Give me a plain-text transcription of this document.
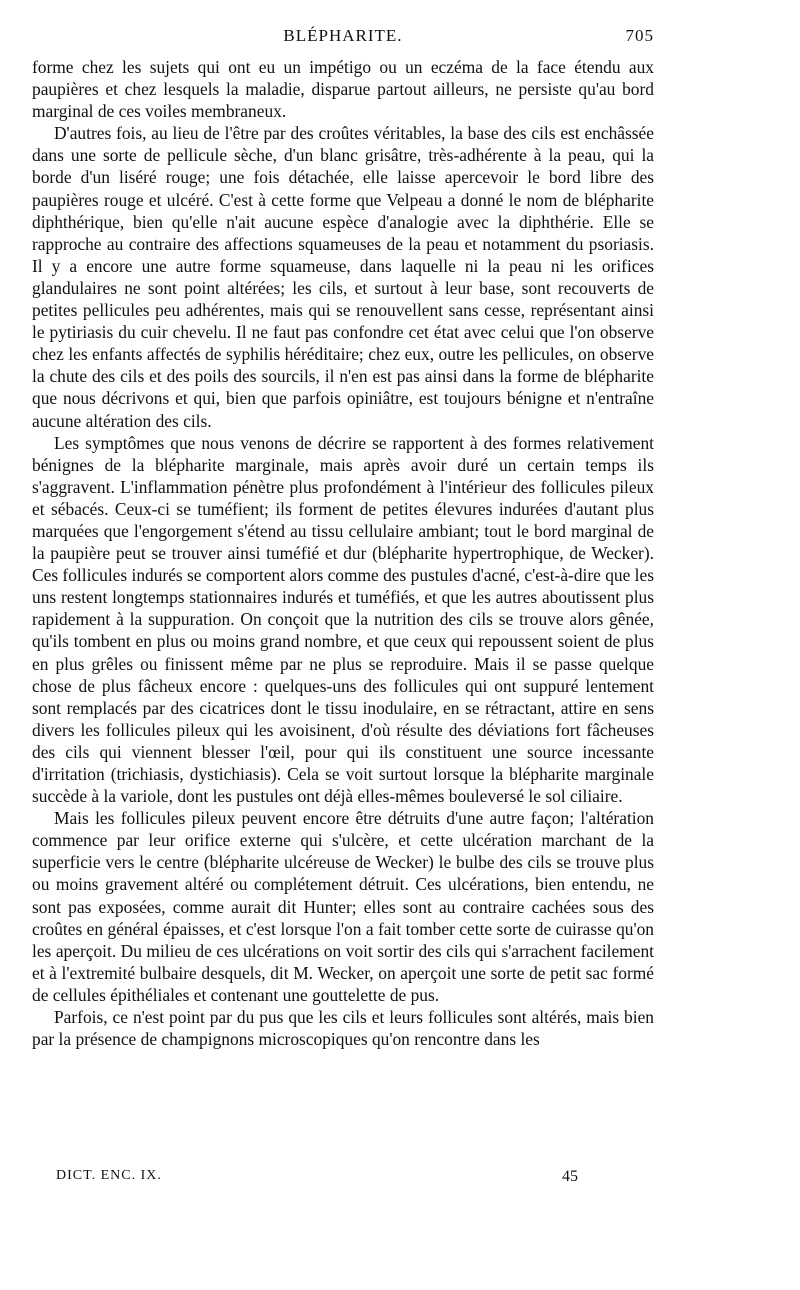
BLÉPHARITE.	705

forme chez les sujets qui ont eu un impétigo ou un eczéma de la face étendu aux paupières et chez lesquels la maladie, disparue partout ailleurs, ne persiste qu'au bord marginal de ces voiles membraneux.

D'autres fois, au lieu de l'être par des croûtes véritables, la base des cils est enchâssée dans une sorte de pellicule sèche, d'un blanc grisâtre, très-adhérente à la peau, qui la borde d'un liséré rouge; une fois détachée, elle laisse apercevoir le bord libre des paupières rouge et ulcéré. C'est à cette forme que Velpeau a donné le nom de blépharite diphthérique, bien qu'elle n'ait aucune espèce d'analogie avec la diphthérie. Elle se rapproche au contraire des affections squameuses de la peau et notamment du psoriasis. Il y a encore une autre forme squameuse, dans laquelle ni la peau ni les orifices glandulaires ne sont point altérées; les cils, et surtout à leur base, sont recouverts de petites pellicules peu adhérentes, mais qui se renouvellent sans cesse, représentant ainsi le pytiriasis du cuir chevelu. Il ne faut pas confondre cet état avec celui que l'on observe chez les enfants affectés de syphilis héréditaire; chez eux, outre les pellicules, on observe la chute des cils et des poils des sourcils, il n'en est pas ainsi dans la forme de blépharite que nous décrivons et qui, bien que parfois opiniâtre, est toujours bénigne et n'entraîne aucune altération des cils.

Les symptômes que nous venons de décrire se rapportent à des formes relativement bénignes de la blépharite marginale, mais après avoir duré un certain temps ils s'aggravent. L'inflammation pénètre plus profondément à l'intérieur des follicules pileux et sébacés. Ceux-ci se tuméfient; ils forment de petites élevures indurées d'autant plus marquées que l'engorgement s'étend au tissu cellulaire ambiant; tout le bord marginal de la paupière peut se trouver ainsi tuméfié et dur (blépharite hypertrophique, de Wecker). Ces follicules indurés se comportent alors comme des pustules d'acné, c'est-à-dire que les uns restent longtemps stationnaires indurés et tuméfiés, et que les autres aboutissent plus rapidement à la suppuration. On conçoit que la nutrition des cils se trouve alors gênée, qu'ils tombent en plus ou moins grand nombre, et que ceux qui repoussent soient de plus en plus grêles ou finissent même par ne plus se reproduire. Mais il se passe quelque chose de plus fâcheux encore : quelques-uns des follicules qui ont suppuré lentement sont remplacés par des cicatrices dont le tissu inodulaire, en se rétractant, attire en sens divers les follicules pileux qui les avoisinent, d'où résulte des déviations fort fâcheuses des cils qui viennent blesser l'œil, pour qui ils constituent une source incessante d'irritation (trichiasis, dystichiasis). Cela se voit surtout lorsque la blépharite marginale succède à la variole, dont les pustules ont déjà elles-mêmes bouleversé le sol ciliaire.

Mais les follicules pileux peuvent encore être détruits d'une autre façon; l'altération commence par leur orifice externe qui s'ulcère, et cette ulcération marchant de la superficie vers le centre (blépharite ulcéreuse de Wecker) le bulbe des cils se trouve plus ou moins gravement altéré ou complétement détruit. Ces ulcérations, bien entendu, ne sont pas exposées, comme aurait dit Hunter; elles sont au contraire cachées sous des croûtes en général épaisses, et c'est lorsque l'on a fait tomber cette sorte de cuirasse qu'on les aperçoit. Du milieu de ces ulcérations on voit sortir des cils qui s'arrachent facilement et à l'extremité bulbaire desquels, dit M. Wecker, on aperçoit une sorte de petit sac formé de cellules épithéliales et contenant une gouttelette de pus.

Parfois, ce n'est point par du pus que les cils et leurs follicules sont altérés, mais bien par la présence de champignons microscopiques qu'on rencontre dans les

DICT. ENC. IX.	45
